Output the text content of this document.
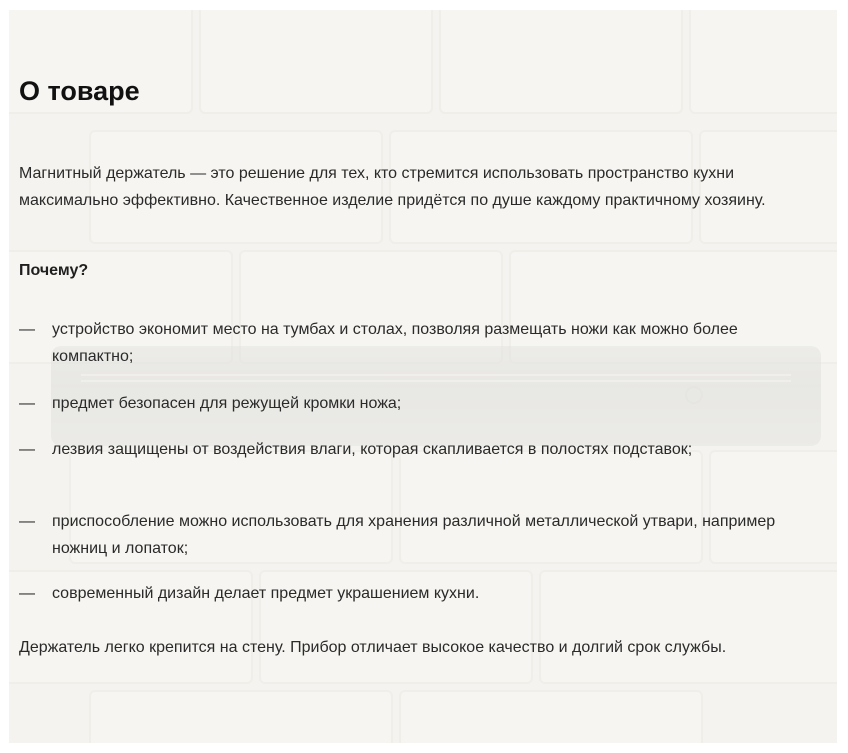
О товаре

Магнитный держатель — это решение для тех, кто стремится использовать пространство кухни максимально эффективно. Качественное изделие придётся по душе каждому практичному хозяину.

Почему?

— устройство экономит место на тумбах и столах, позволяя размещать ножи как можно более компактно;
— предмет безопасен для режущей кромки ножа;
— лезвия защищены от воздействия влаги, которая скапливается в полостях подставок;
— приспособление можно использовать для хранения различной металлической утвари, например ножниц и лопаток;
— современный дизайн делает предмет украшением кухни.

Держатель легко крепится на стену. Прибор отличает высокое качество и долгий срок службы.
